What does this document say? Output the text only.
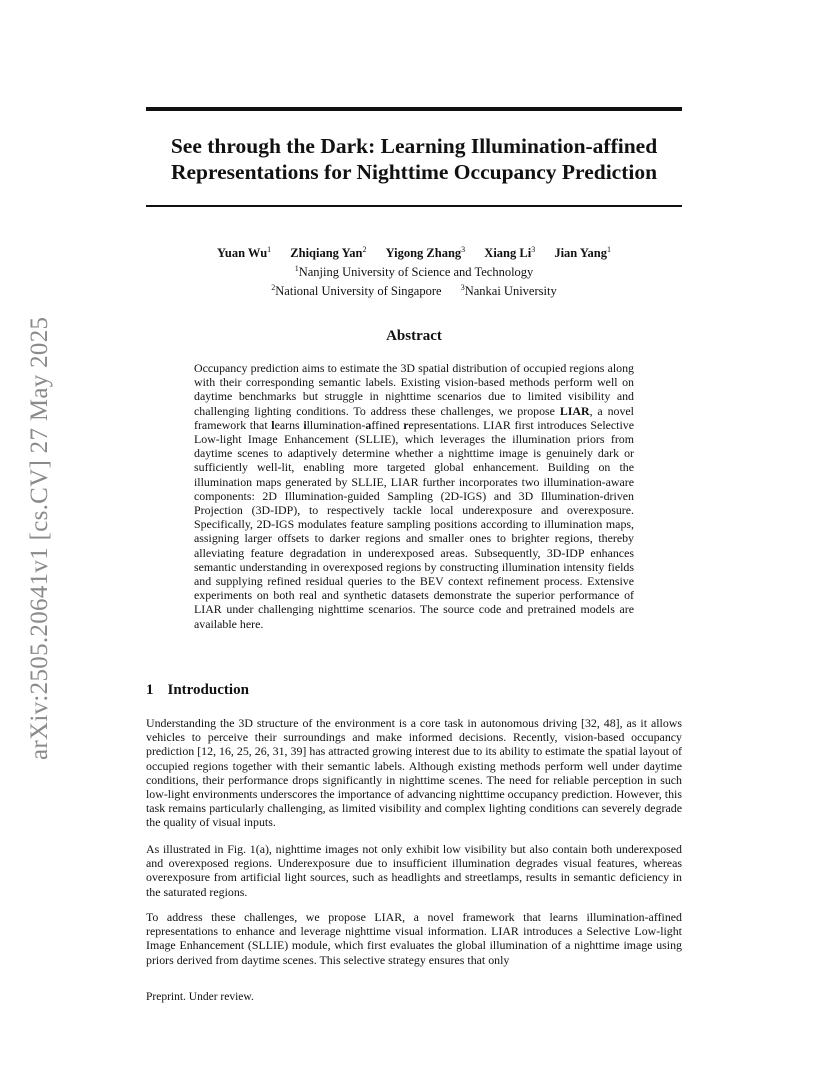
arXiv:2505.20641v1 [cs.CV] 27 May 2025
See through the Dark: Learning Illumination-affined
Representations for Nighttime Occupancy Prediction
Yuan Wu$^1$ Zhiqiang Yan$^2$ Yigong Zhang$^3$ Xiang Li$^3$ Jian Yang$^1$
$^1$Nanjing University of Science and Technology
$^2$National University of Singapore $^3$Nankai University
Abstract

Occupancy prediction aims to estimate the 3D spatial distribution of occupied regions along with their corresponding semantic labels. Existing vision-based methods perform well on daytime benchmarks but struggle in nighttime scenarios due to limited visibility and challenging lighting conditions. To address these challenges, we propose LIAR, a novel framework that learns illumination-affined representations. LIAR first introduces Selective Low-light Image Enhancement (SLLIE), which leverages the illumination priors from daytime scenes to adaptively determine whether a nighttime image is genuinely dark or sufficiently well-lit, enabling more targeted global enhancement. Building on the illumination maps generated by SLLIE, LIAR further incorporates two illumination-aware components: 2D Illumination-guided Sampling (2D-IGS) and 3D Illumination-driven Projection (3D-IDP), to respectively tackle local underexposure and overexposure. Specifically, 2D-IGS modulates feature sampling positions according to illumination maps, assigning larger offsets to darker regions and smaller ones to brighter regions, thereby alleviating feature degradation in underexposed areas. Subsequently, 3D-IDP enhances semantic understanding in overexposed regions by constructing illumination intensity fields and supplying refined residual queries to the BEV context refinement process. Extensive experiments on both real and synthetic datasets demonstrate the superior performance of LIAR under challenging nighttime scenarios. The source code and pretrained models are available here.

1 Introduction

Understanding the 3D structure of the environment is a core task in autonomous driving [32, 48], as it allows vehicles to perceive their surroundings and make informed decisions. Recently, vision-based occupancy prediction [12, 16, 25, 26, 31, 39] has attracted growing interest due to its ability to estimate the spatial layout of occupied regions together with their semantic labels. Although existing methods perform well under daytime conditions, their performance drops significantly in nighttime scenes. The need for reliable perception in such low-light environments underscores the importance of advancing nighttime occupancy prediction. However, this task remains particularly challenging, as limited visibility and complex lighting conditions can severely degrade the quality of visual inputs.

As illustrated in Fig. 1(a), nighttime images not only exhibit low visibility but also contain both underexposed and overexposed regions. Underexposure due to insufficient illumination degrades visual features, whereas overexposure from artificial light sources, such as headlights and streetlamps, results in semantic deficiency in the saturated regions.

To address these challenges, we propose LIAR, a novel framework that learns illumination-affined representations to enhance and leverage nighttime visual information. LIAR introduces a Selective Low-light Image Enhancement (SLLIE) module, which first evaluates the global illumination of a nighttime image using priors derived from daytime scenes. This selective strategy ensures that only

Preprint. Under review.
